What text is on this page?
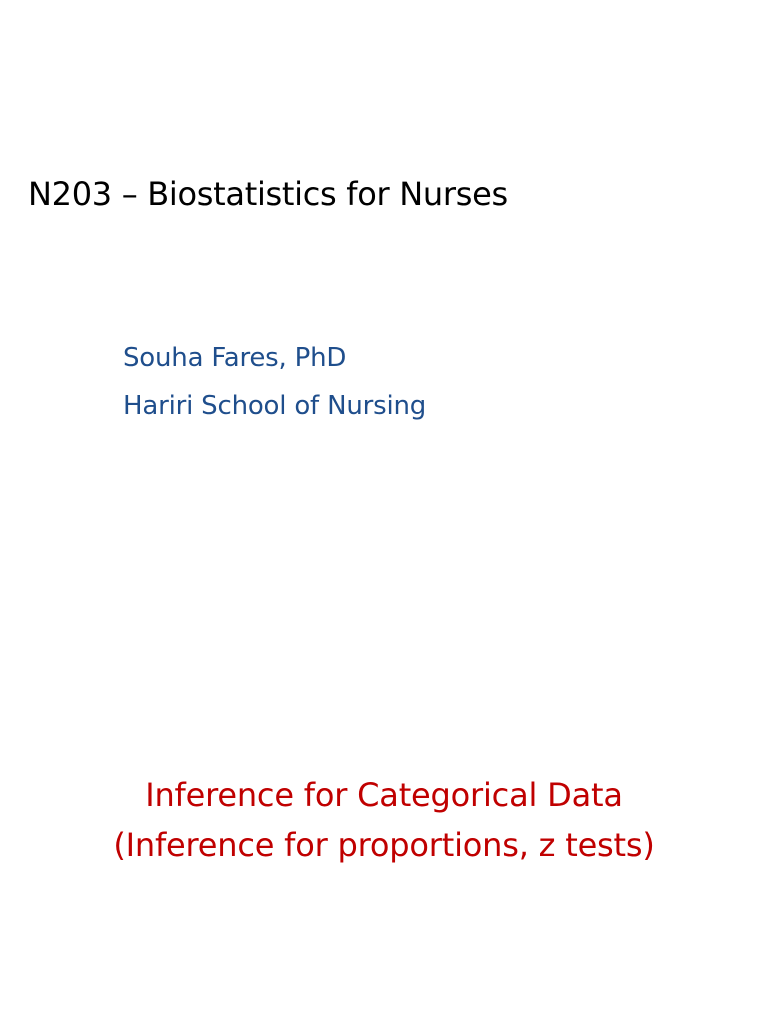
N203 – Biostatistics for Nurses
Souha Fares, PhD
Hariri School of Nursing
Inference for Categorical Data
(Inference for proportions, z tests)
